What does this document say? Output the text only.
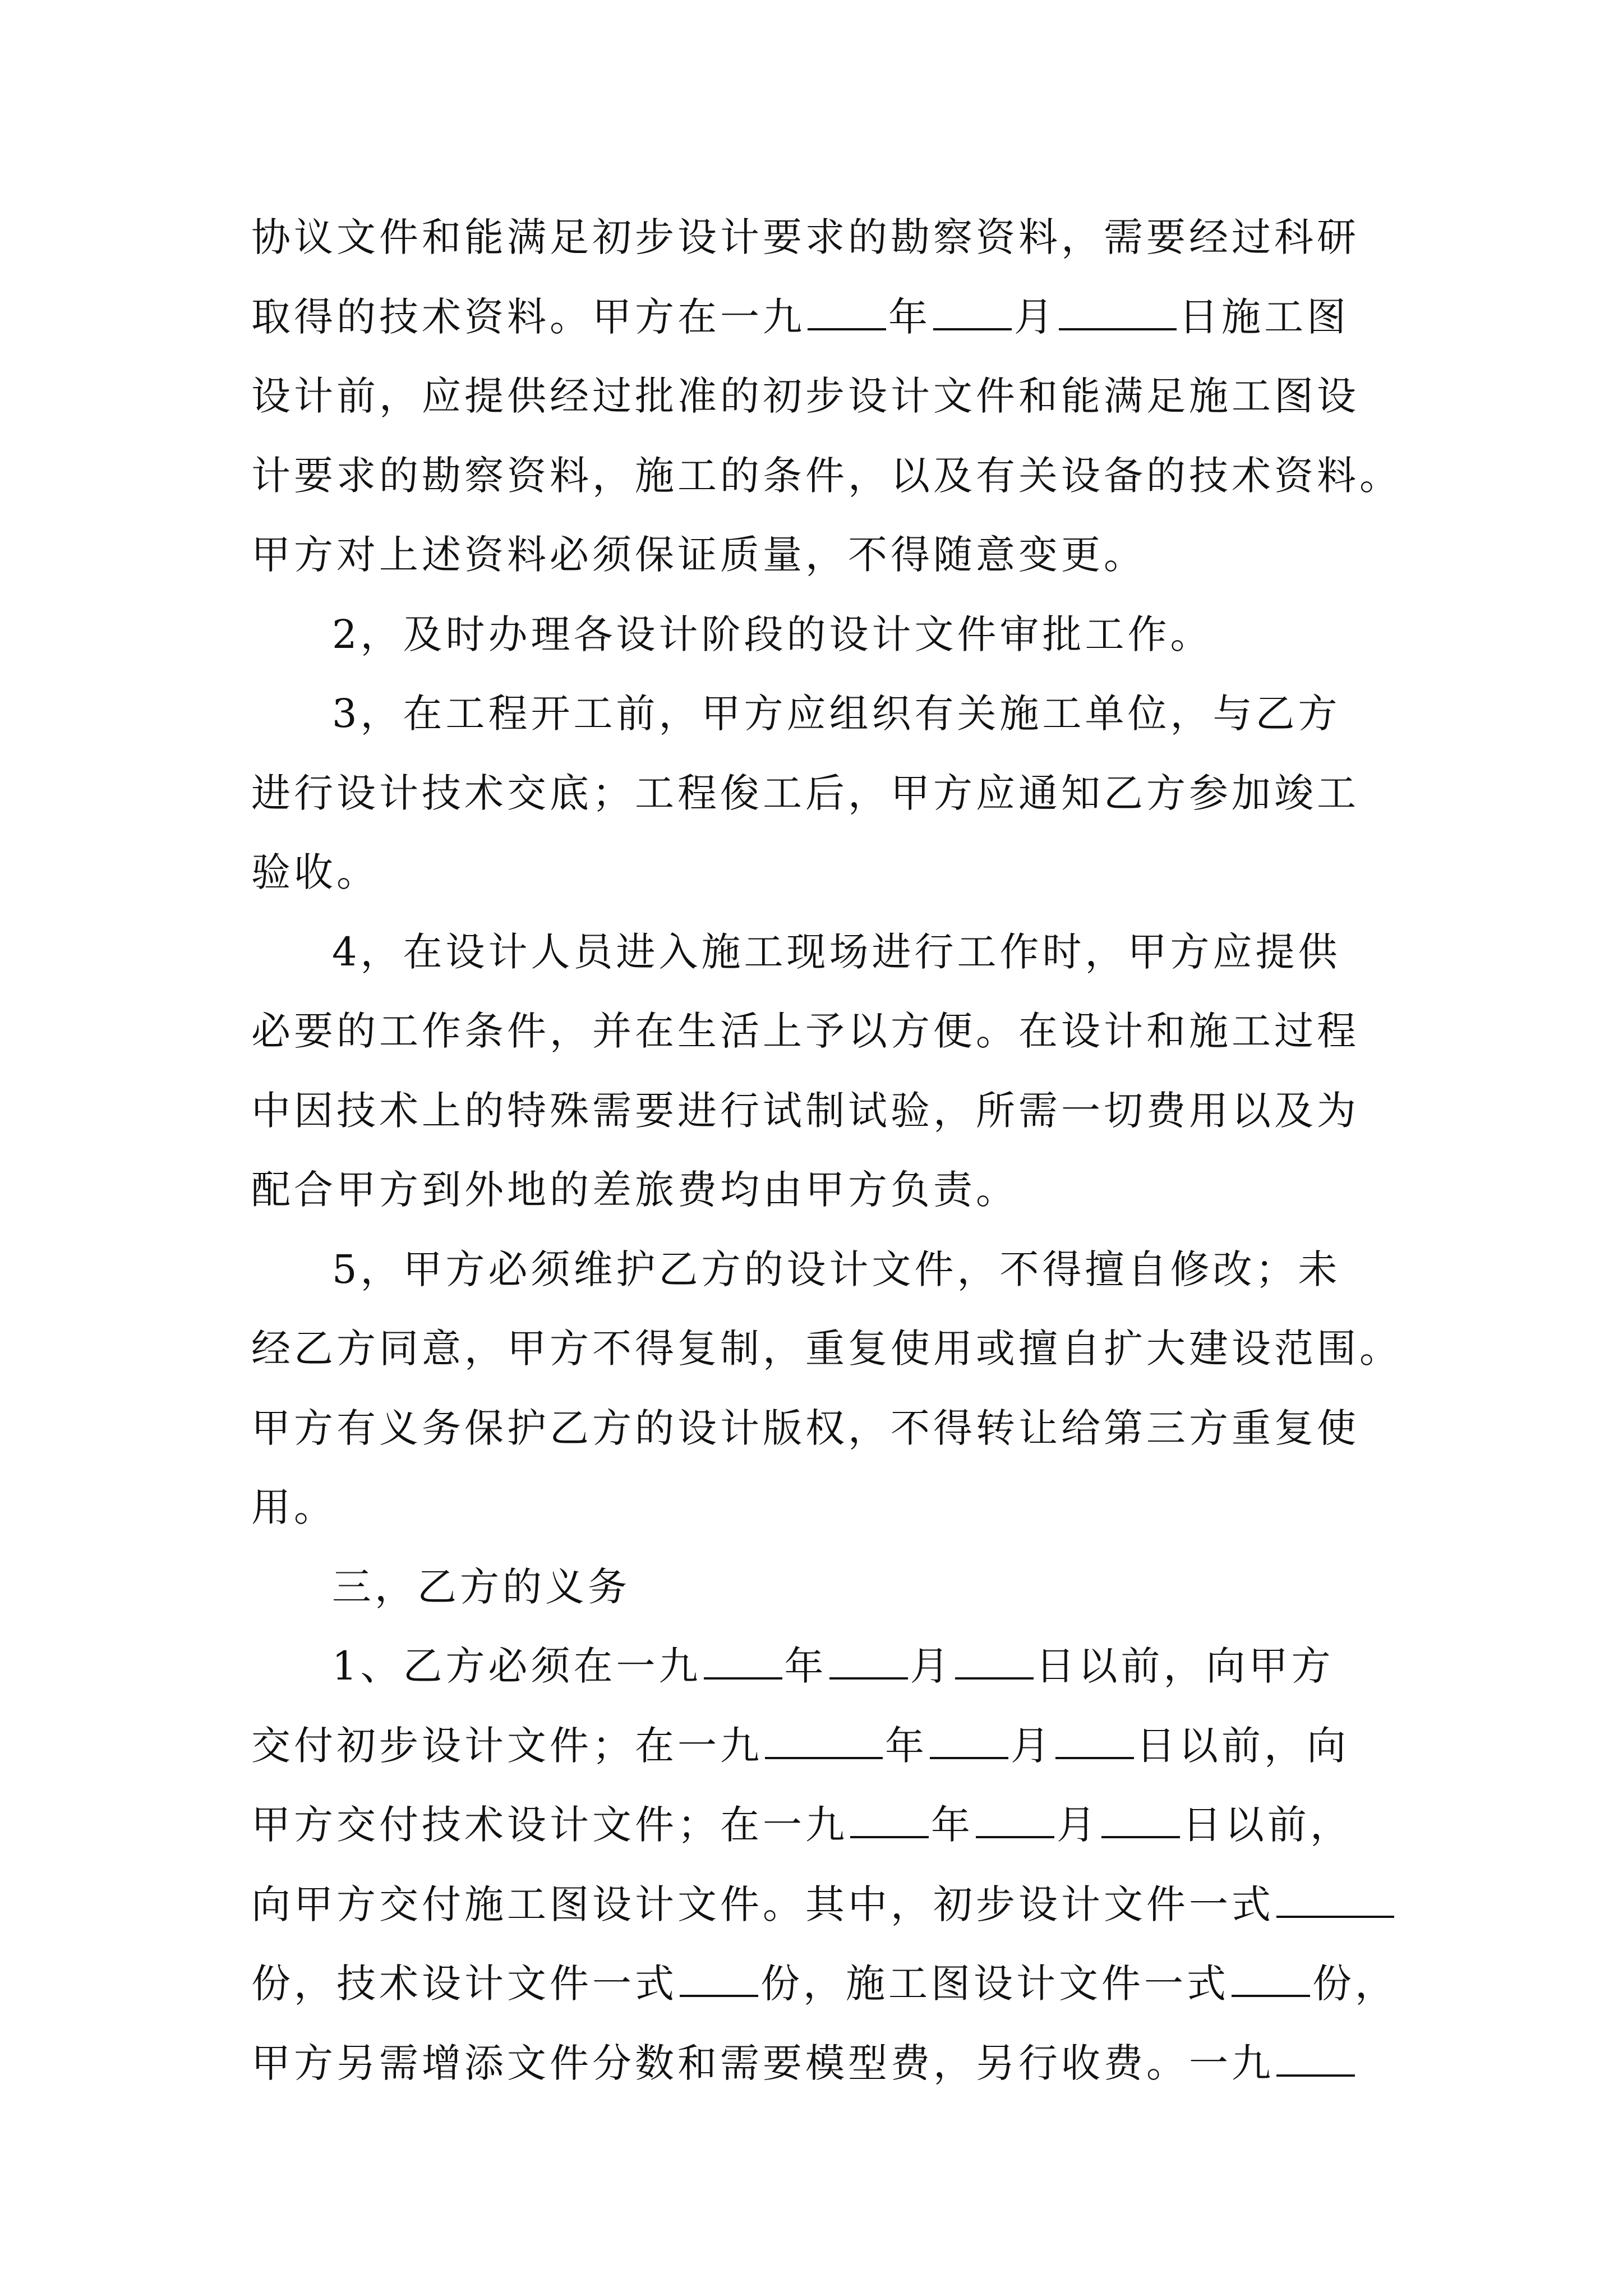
协议文件和能满足初步设计要求的勘察资料，需要经过科研
取得的技术资料。甲方在一九 年 月	日施工图
设计前，应提供经过批准的初步设计文件和能满足施工图设
计要求的勘察资料，施工的条件，以及有关设备的技术资料。
甲方对上述资料必须保证质量，不得随意变更。
2，及时办理各设计阶段的设计文件审批工作。
3，在工程开工前，甲方应组织有关施工单位，与乙方
进行设计技术交底；工程俊工后，甲方应通知乙方参加竣工
验收。
4，在设计人员进入施工现场进行工作时，甲方应提供
必要的工作条件，并在生活上予以方便。在设计和施工过程
中因技术上的特殊需要进行试制试验，所需一切费用以及为
配合甲方到外地的差旅费均由甲方负责。
5，甲方必须维护乙方的设计文件，不得擅自修改；未
经乙方同意，甲方不得复制，重复使用或擅自扩大建设范围。
甲方有义务保护乙方的设计版权，不得转让给第三方重复使
用。
三，乙方的义务
1、乙方必须在一九 年 月 日以前，向甲方
交付初步设计文件；在一九	年 月 日以前，向
甲方交付技术设计文件；在一九 年 月 日以前，
向甲方交付施工图设计文件。其中，初步设计文件一式
份，技术设计文件一式 份，施工图设计文件一式 份，
甲方另需增添文件分数和需要模型费，另行收费。一九
